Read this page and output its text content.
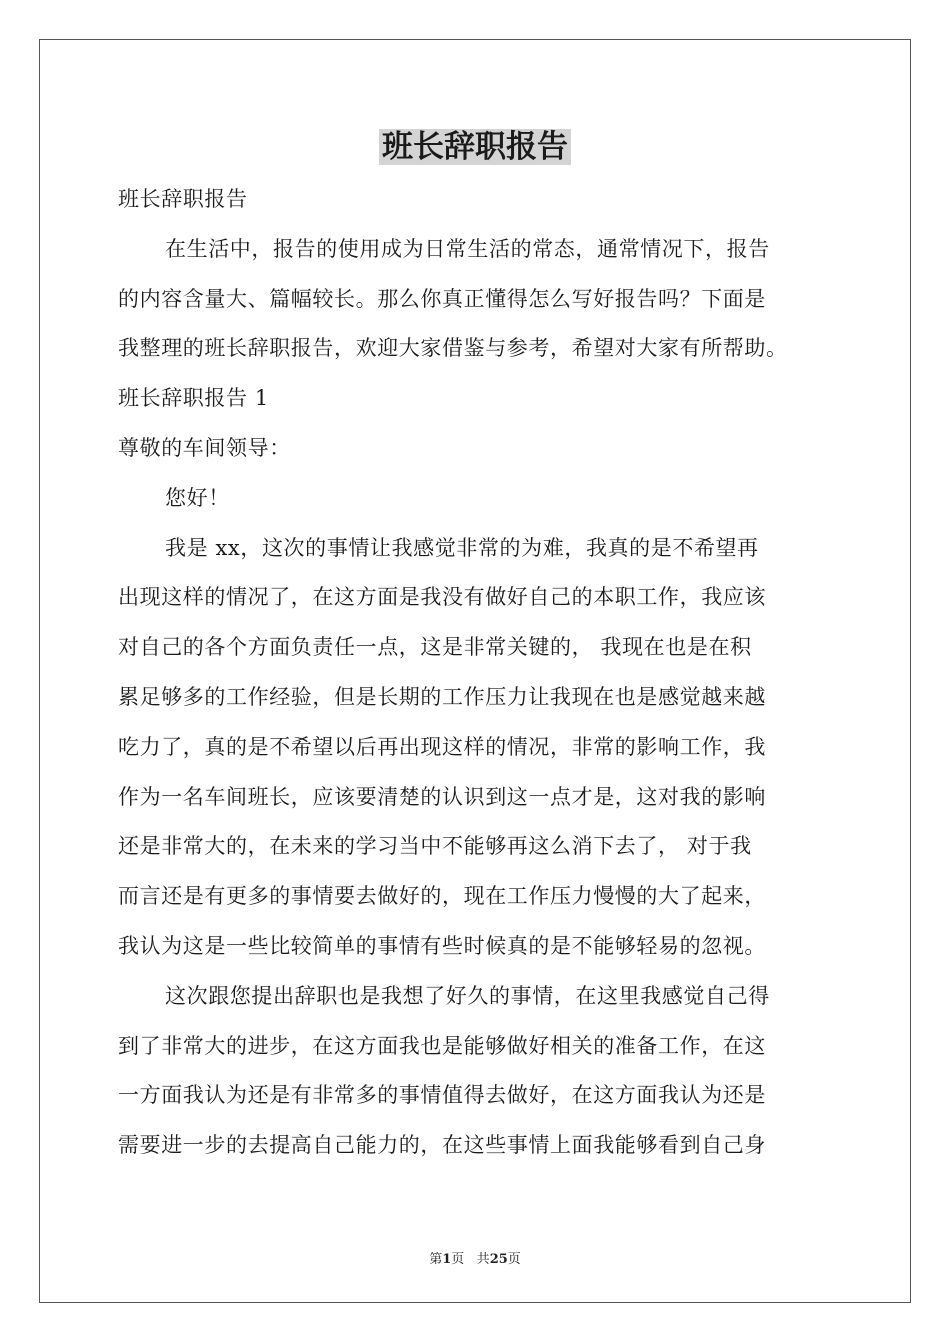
班长辞职报告
班长辞职报告
在生活中，报告的使用成为日常生活的常态，通常情况下，报告
的内容含量大、篇幅较长。那么你真正懂得怎么写好报告吗？下面是
我整理的班长辞职报告，欢迎大家借鉴与参考，希望对大家有所帮助。
班长辞职报告 1
尊敬的车间领导：
您好！
我是 xx，这次的事情让我感觉非常的为难，我真的是不希望再
出现这样的情况了，在这方面是我没有做好自己的本职工作，我应该
对自己的各个方面负责任一点，这是非常关键的， 我现在也是在积
累足够多的工作经验，但是长期的工作压力让我现在也是感觉越来越
吃力了，真的是不希望以后再出现这样的情况，非常的影响工作，我
作为一名车间班长，应该要清楚的认识到这一点才是，这对我的影响
还是非常大的，在未来的学习当中不能够再这么消下去了， 对于我
而言还是有更多的事情要去做好的，现在工作压力慢慢的大了起来，
我认为这是一些比较简单的事情有些时候真的是不能够轻易的忽视。
这次跟您提出辞职也是我想了好久的事情，在这里我感觉自己得
到了非常大的进步，在这方面我也是能够做好相关的准备工作，在这
一方面我认为还是有非常多的事情值得去做好，在这方面我认为还是
需要进一步的去提高自己能力的，在这些事情上面我能够看到自己身
第1页 共25页
